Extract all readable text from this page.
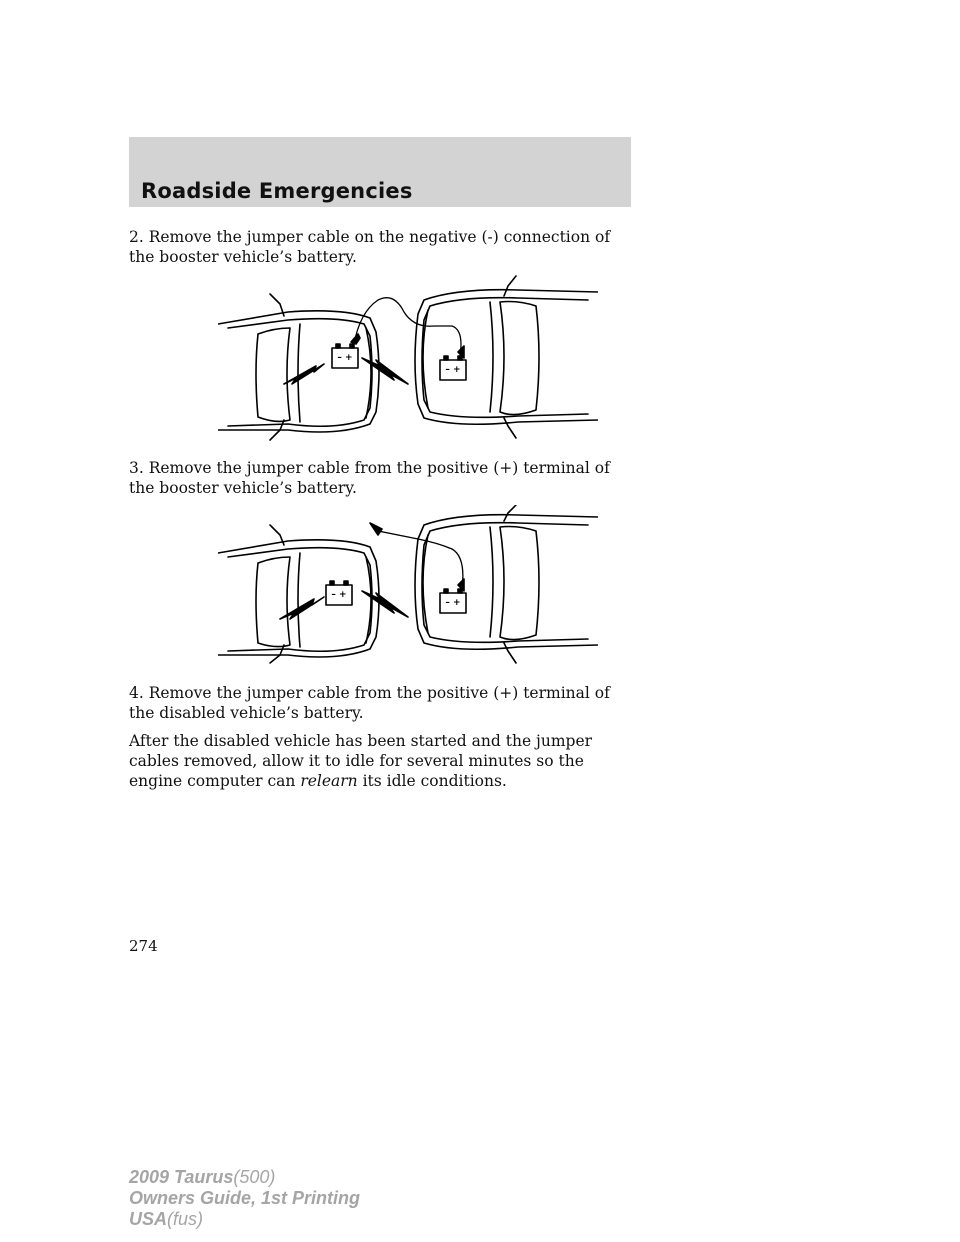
Roadside Emergencies

2. Remove the jumper cable on the negative (-) connection of the booster vehicle’s battery.

– +
– +

3. Remove the jumper cable from the positive (+) terminal of the booster vehicle’s battery.

– +
– +

4. Remove the jumper cable from the positive (+) terminal of the disabled vehicle’s battery.

After the disabled vehicle has been started and the jumper cables removed, allow it to idle for several minutes so the engine computer can relearn its idle conditions.

274
2009 Taurus(500)
Owners Guide, 1st Printing
USA(fus)
